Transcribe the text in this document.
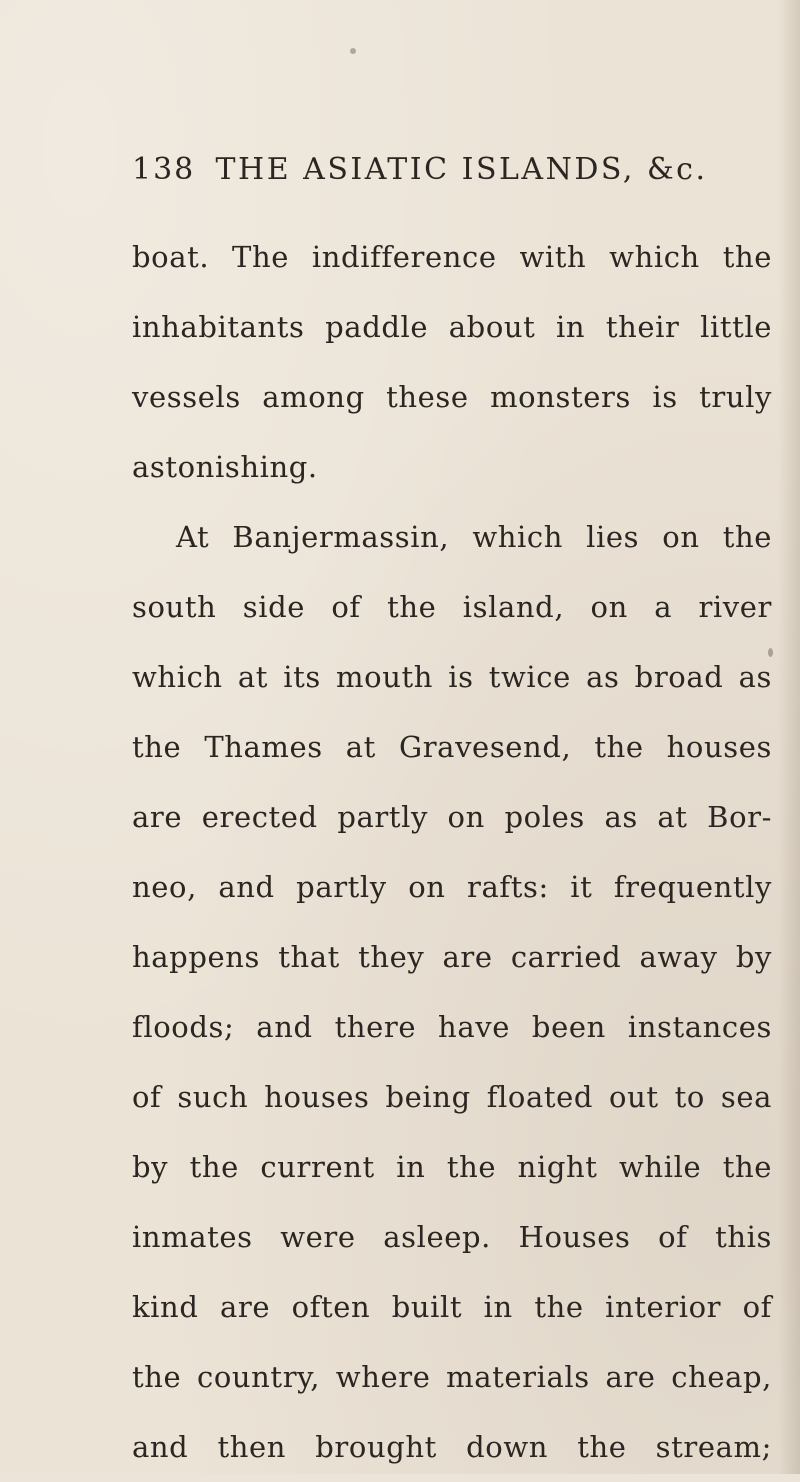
138 THE ASIATIC ISLANDS, &c.
boat. The indifference with which the
inhabitants paddle about in their little
vessels among these monsters is truly
astonishing.
At Banjermassin, which lies on the
south side of the island, on a river
which at its mouth is twice as broad as
the Thames at Gravesend, the houses
are erected partly on poles as at Bor-
neo, and partly on rafts: it frequently
happens that they are carried away by
floods; and there have been instances
of such houses being floated out to sea
by the current in the night while the
inmates were asleep. Houses of this
kind are often built in the interior of
the country, where materials are cheap,
and then brought down the stream;
